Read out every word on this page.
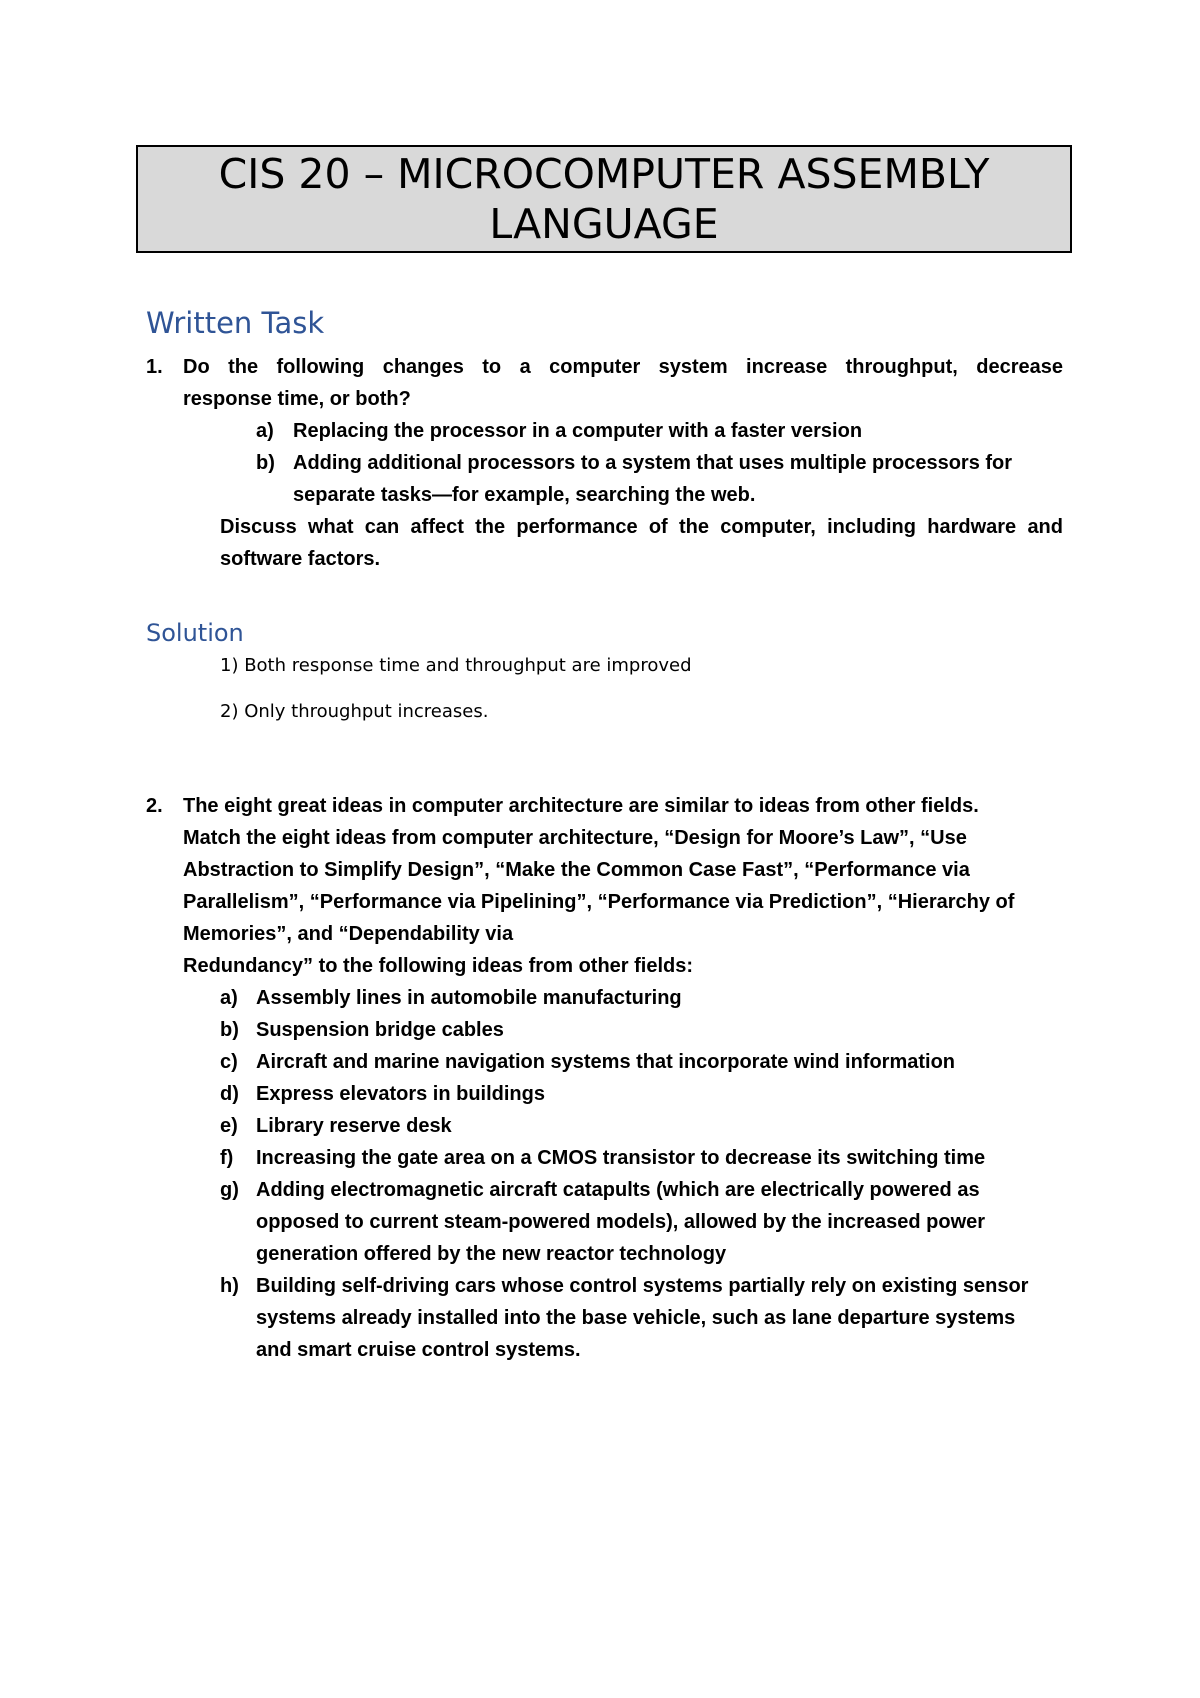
CIS 20 – MICROCOMPUTER ASSEMBLY
LANGUAGE
Written Task
1. Do the following changes to a computer system increase throughput, decrease
response time, or both?
a) Replacing the processor in a computer with a faster version
b) Adding additional processors to a system that uses multiple processors for
separate tasks—for example, searching the web.
Discuss what can affect the performance of the computer, including hardware and
software factors.
Solution
1) Both response time and throughput are improved
2) Only throughput increases.
2. The eight great ideas in computer architecture are similar to ideas from other fields.
Match the eight ideas from computer architecture, “Design for Moore’s Law”, “Use
Abstraction to Simplify Design”, “Make the Common Case Fast”, “Performance via
Parallelism”, “Performance via Pipelining”, “Performance via Prediction”, “Hierarchy of
Memories”, and “Dependability via
Redundancy” to the following ideas from other fields:
a) Assembly lines in automobile manufacturing
b) Suspension bridge cables
c) Aircraft and marine navigation systems that incorporate wind information
d) Express elevators in buildings
e) Library reserve desk
f) Increasing the gate area on a CMOS transistor to decrease its switching time
g) Adding electromagnetic aircraft catapults (which are electrically powered as
opposed to current steam-powered models), allowed by the increased power
generation offered by the new reactor technology
h) Building self-driving cars whose control systems partially rely on existing sensor
systems already installed into the base vehicle, such as lane departure systems
and smart cruise control systems.
